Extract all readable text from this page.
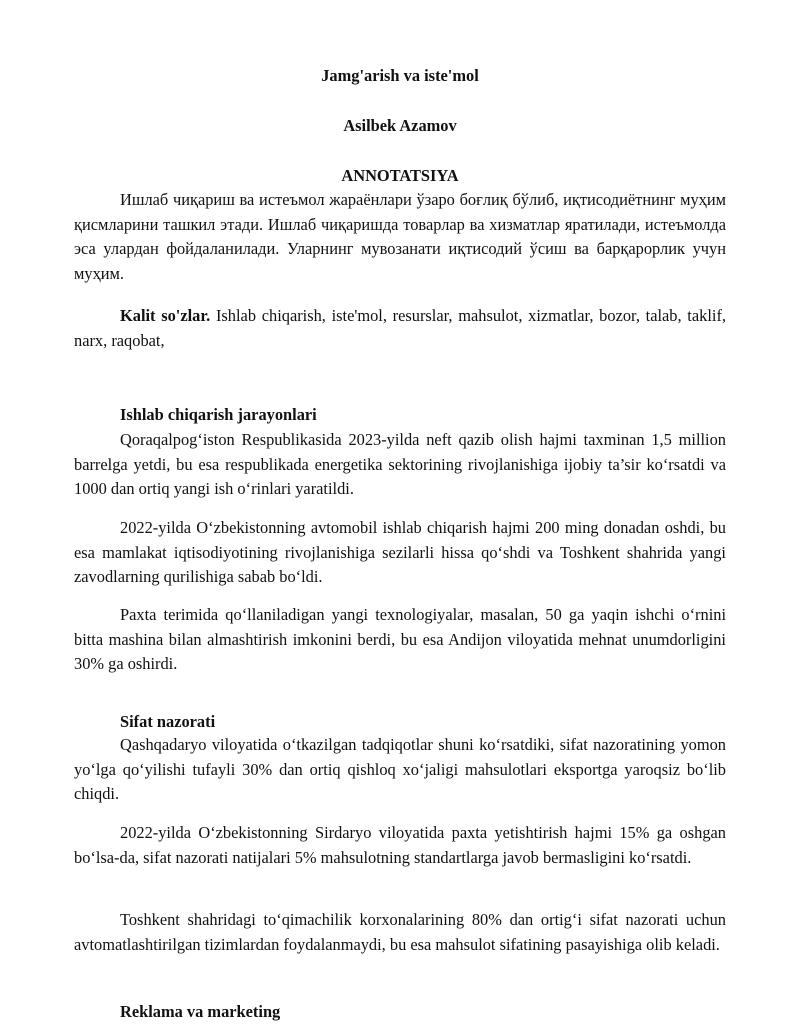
Jamg'arish va iste'mol
Asilbek Azamov
ANNOTATSIYA
Ишлаб чиқариш ва истеъмол жараёнлари ўзаро боғлиқ бўлиб, иқтисодиётнинг муҳим қисмларини ташкил этади. Ишлаб чиқаришда товарлар ва хизматлар яратилади, истеъмолда эса улардан фойдаланилади. Уларнинг мувозанати иқтисодий ўсиш ва барқарорлик учун муҳим.
Kalit so'zlar. Ishlab chiqarish, iste'mol, resurslar, mahsulot, xizmatlar, bozor, talab, taklif, narx, raqobat,
Ishlab chiqarish jarayonlari
Qoraqalpog‘iston Respublikasida 2023-yilda neft qazib olish hajmi taxminan 1,5 million barrelga yetdi, bu esa respublikada energetika sektorining rivojlanishiga ijobiy ta’sir ko‘rsatdi va 1000 dan ortiq yangi ish o‘rinlari yaratildi.
2022-yilda O‘zbekistonning avtomobil ishlab chiqarish hajmi 200 ming donadan oshdi, bu esa mamlakat iqtisodiyotining rivojlanishiga sezilarli hissa qo‘shdi va Toshkent shahrida yangi zavodlarning qurilishiga sabab bo‘ldi.
Paxta terimida qo‘llaniladigan yangi texnologiyalar, masalan, 50 ga yaqin ishchi o‘rnini bitta mashina bilan almashtirish imkonini berdi, bu esa Andijon viloyatida mehnat unumdorligini 30% ga oshirdi.
Sifat nazorati
Qashqadaryo viloyatida o‘tkazilgan tadqiqotlar shuni ko‘rsatdiki, sifat nazoratining yomon yo‘lga qo‘yilishi tufayli 30% dan ortiq qishloq xo‘jaligi mahsulotlari eksportga yaroqsiz bo‘lib chiqdi.
2022-yilda O‘zbekistonning Sirdaryo viloyatida paxta yetishtirish hajmi 15% ga oshgan bo‘lsa-da, sifat nazorati natijalari 5% mahsulotning standartlarga javob bermasligini ko‘rsatdi.
Toshkent shahridagi to‘qimachilik korxonalarining 80% dan ortig‘i sifat nazorati uchun avtomatlashtirilgan tizimlardan foydalanmaydi, bu esa mahsulot sifatining pasayishiga olib keladi.
Reklama va marketing
